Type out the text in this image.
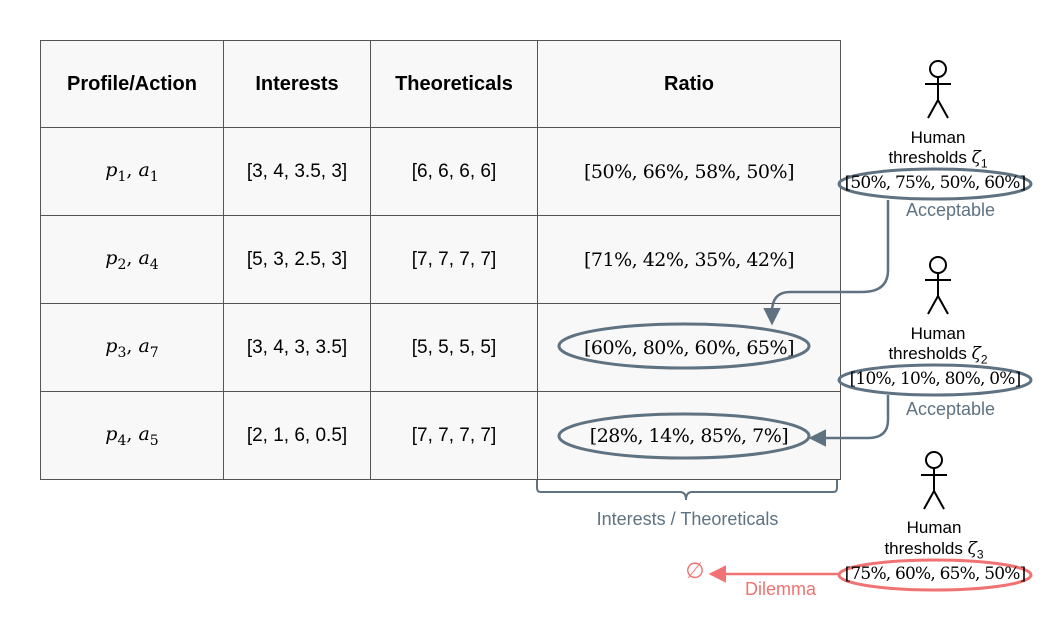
Profile/Action	Interests	Theoreticals	Ratio
$p_1$, $a_1$	[3, 4, 3.5, 3]	[6, 6, 6, 6]	[50%, 66%, 58%, 50%]
$p_2$, $a_4$	[5, 3, 2.5, 3]	[7, 7, 7, 7]	[71%, 42%, 35%, 42%]
$p_3$, $a_7$	[3, 4, 3, 3.5]	[5, 5, 5, 5]	[60%, 80%, 60%, 65%]
$p_4$, $a_5$	[2, 1, 6, 0.5]	[7, 7, 7, 7]	[28%, 14%, 85%, 7%]
Human
thresholds $\zeta_1$
[50%, 75%, 50%, 60%]
Acceptable
Human
thresholds $\zeta_2$
[10%, 10%, 80%, 0%]
Acceptable
Human
thresholds $\zeta_3$
[75%, 60%, 65%, 50%]
Dilemma
∅
Interests / Theoreticals
